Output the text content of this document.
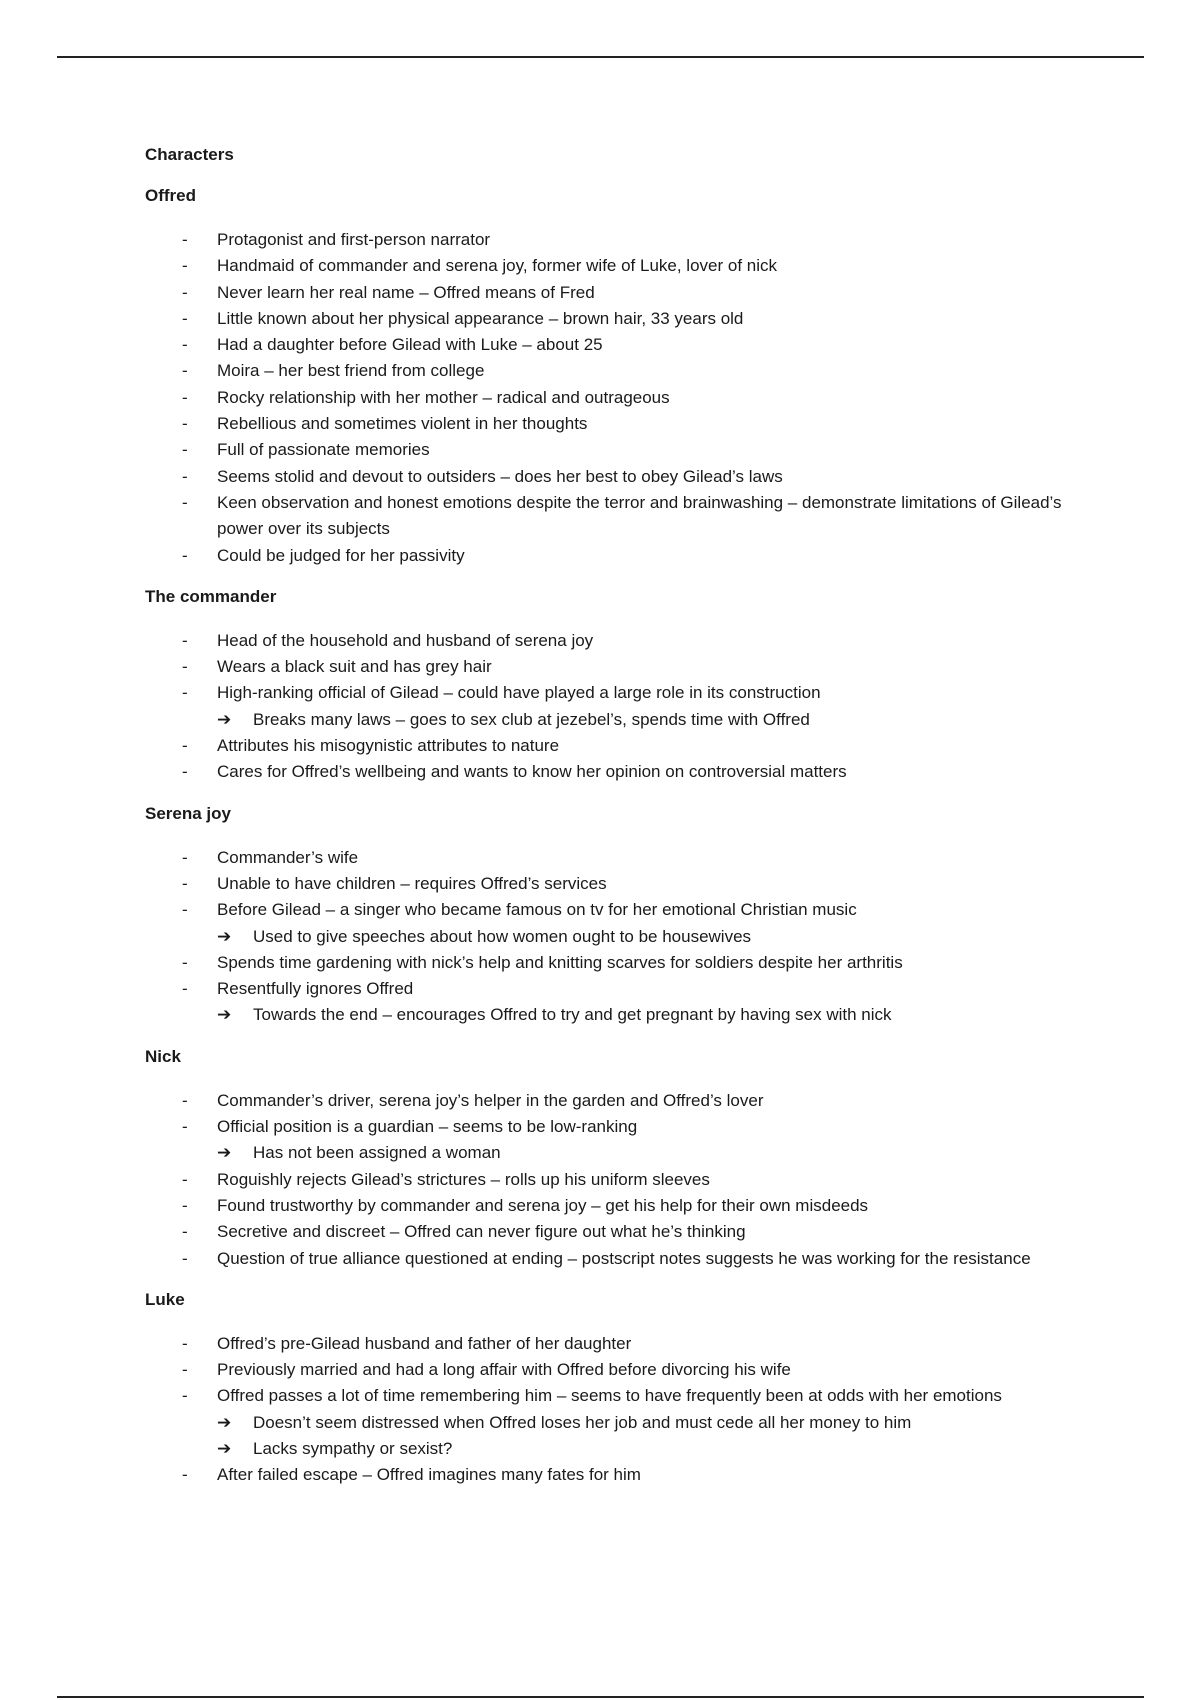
Characters
Offred
- Protagonist and first-person narrator
- Handmaid of commander and serena joy, former wife of Luke, lover of nick
- Never learn her real name – Offred means of Fred
- Little known about her physical appearance – brown hair, 33 years old
- Had a daughter before Gilead with Luke – about 25
- Moira – her best friend from college
- Rocky relationship with her mother – radical and outrageous
- Rebellious and sometimes violent in her thoughts
- Full of passionate memories
- Seems stolid and devout to outsiders – does her best to obey Gilead’s laws
- Keen observation and honest emotions despite the terror and brainwashing – demonstrate limitations of Gilead’s power over its subjects
- Could be judged for her passivity
The commander
- Head of the household and husband of serena joy
- Wears a black suit and has grey hair
- High-ranking official of Gilead – could have played a large role in its construction
➔ Breaks many laws – goes to sex club at jezebel’s, spends time with Offred
- Attributes his misogynistic attributes to nature
- Cares for Offred’s wellbeing and wants to know her opinion on controversial matters
Serena joy
- Commander’s wife
- Unable to have children – requires Offred’s services
- Before Gilead – a singer who became famous on tv for her emotional Christian music
➔ Used to give speeches about how women ought to be housewives
- Spends time gardening with nick’s help and knitting scarves for soldiers despite her arthritis
- Resentfully ignores Offred
➔ Towards the end – encourages Offred to try and get pregnant by having sex with nick
Nick
- Commander’s driver, serena joy’s helper in the garden and Offred’s lover
- Official position is a guardian – seems to be low-ranking
➔ Has not been assigned a woman
- Roguishly rejects Gilead’s strictures – rolls up his uniform sleeves
- Found trustworthy by commander and serena joy – get his help for their own misdeeds
- Secretive and discreet – Offred can never figure out what he’s thinking
- Question of true alliance questioned at ending – postscript notes suggests he was working for the resistance
Luke
- Offred’s pre-Gilead husband and father of her daughter
- Previously married and had a long affair with Offred before divorcing his wife
- Offred passes a lot of time remembering him – seems to have frequently been at odds with her emotions
➔ Doesn’t seem distressed when Offred loses her job and must cede all her money to him
➔ Lacks sympathy or sexist?
- After failed escape – Offred imagines many fates for him
